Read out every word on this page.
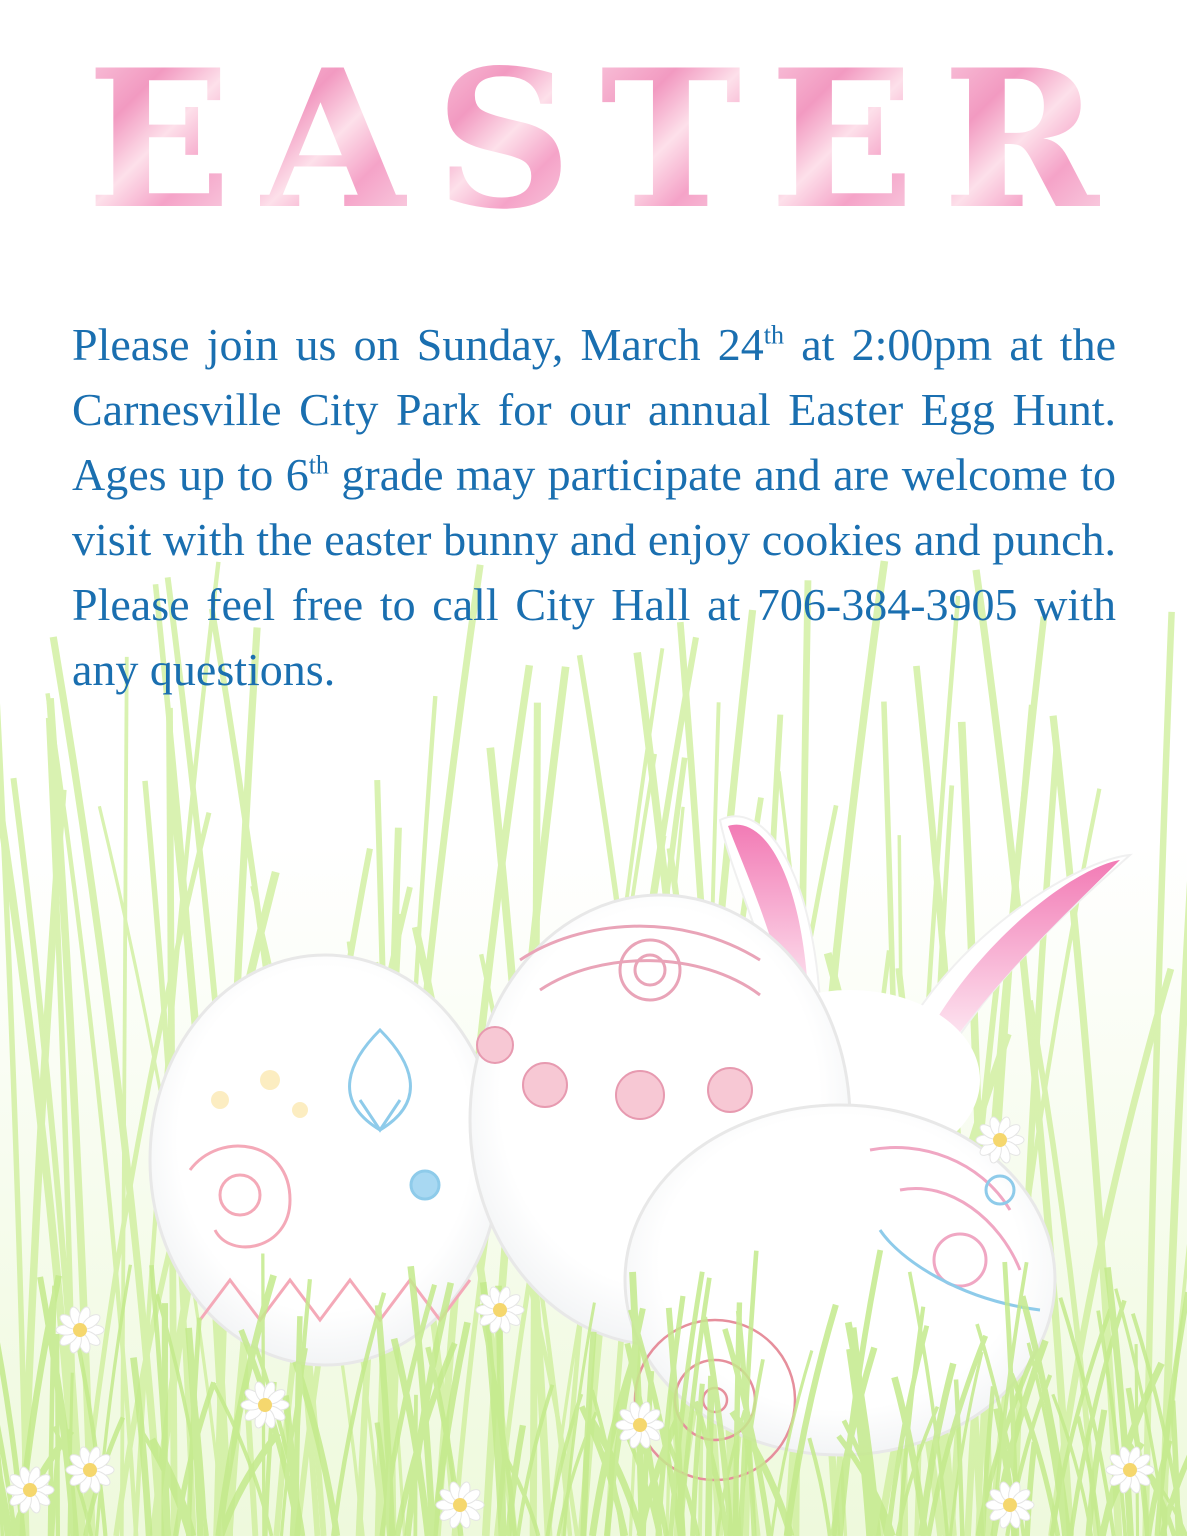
E A S T E R

Please join us on Sunday, March 24th at 2:00pm at the Carnesville City Park for our annual Easter Egg Hunt. Ages up to 6th grade may participate and are welcome to visit with the easter bunny and enjoy cookies and punch. Please feel free to call City Hall at 706-384-3905 with any questions.
